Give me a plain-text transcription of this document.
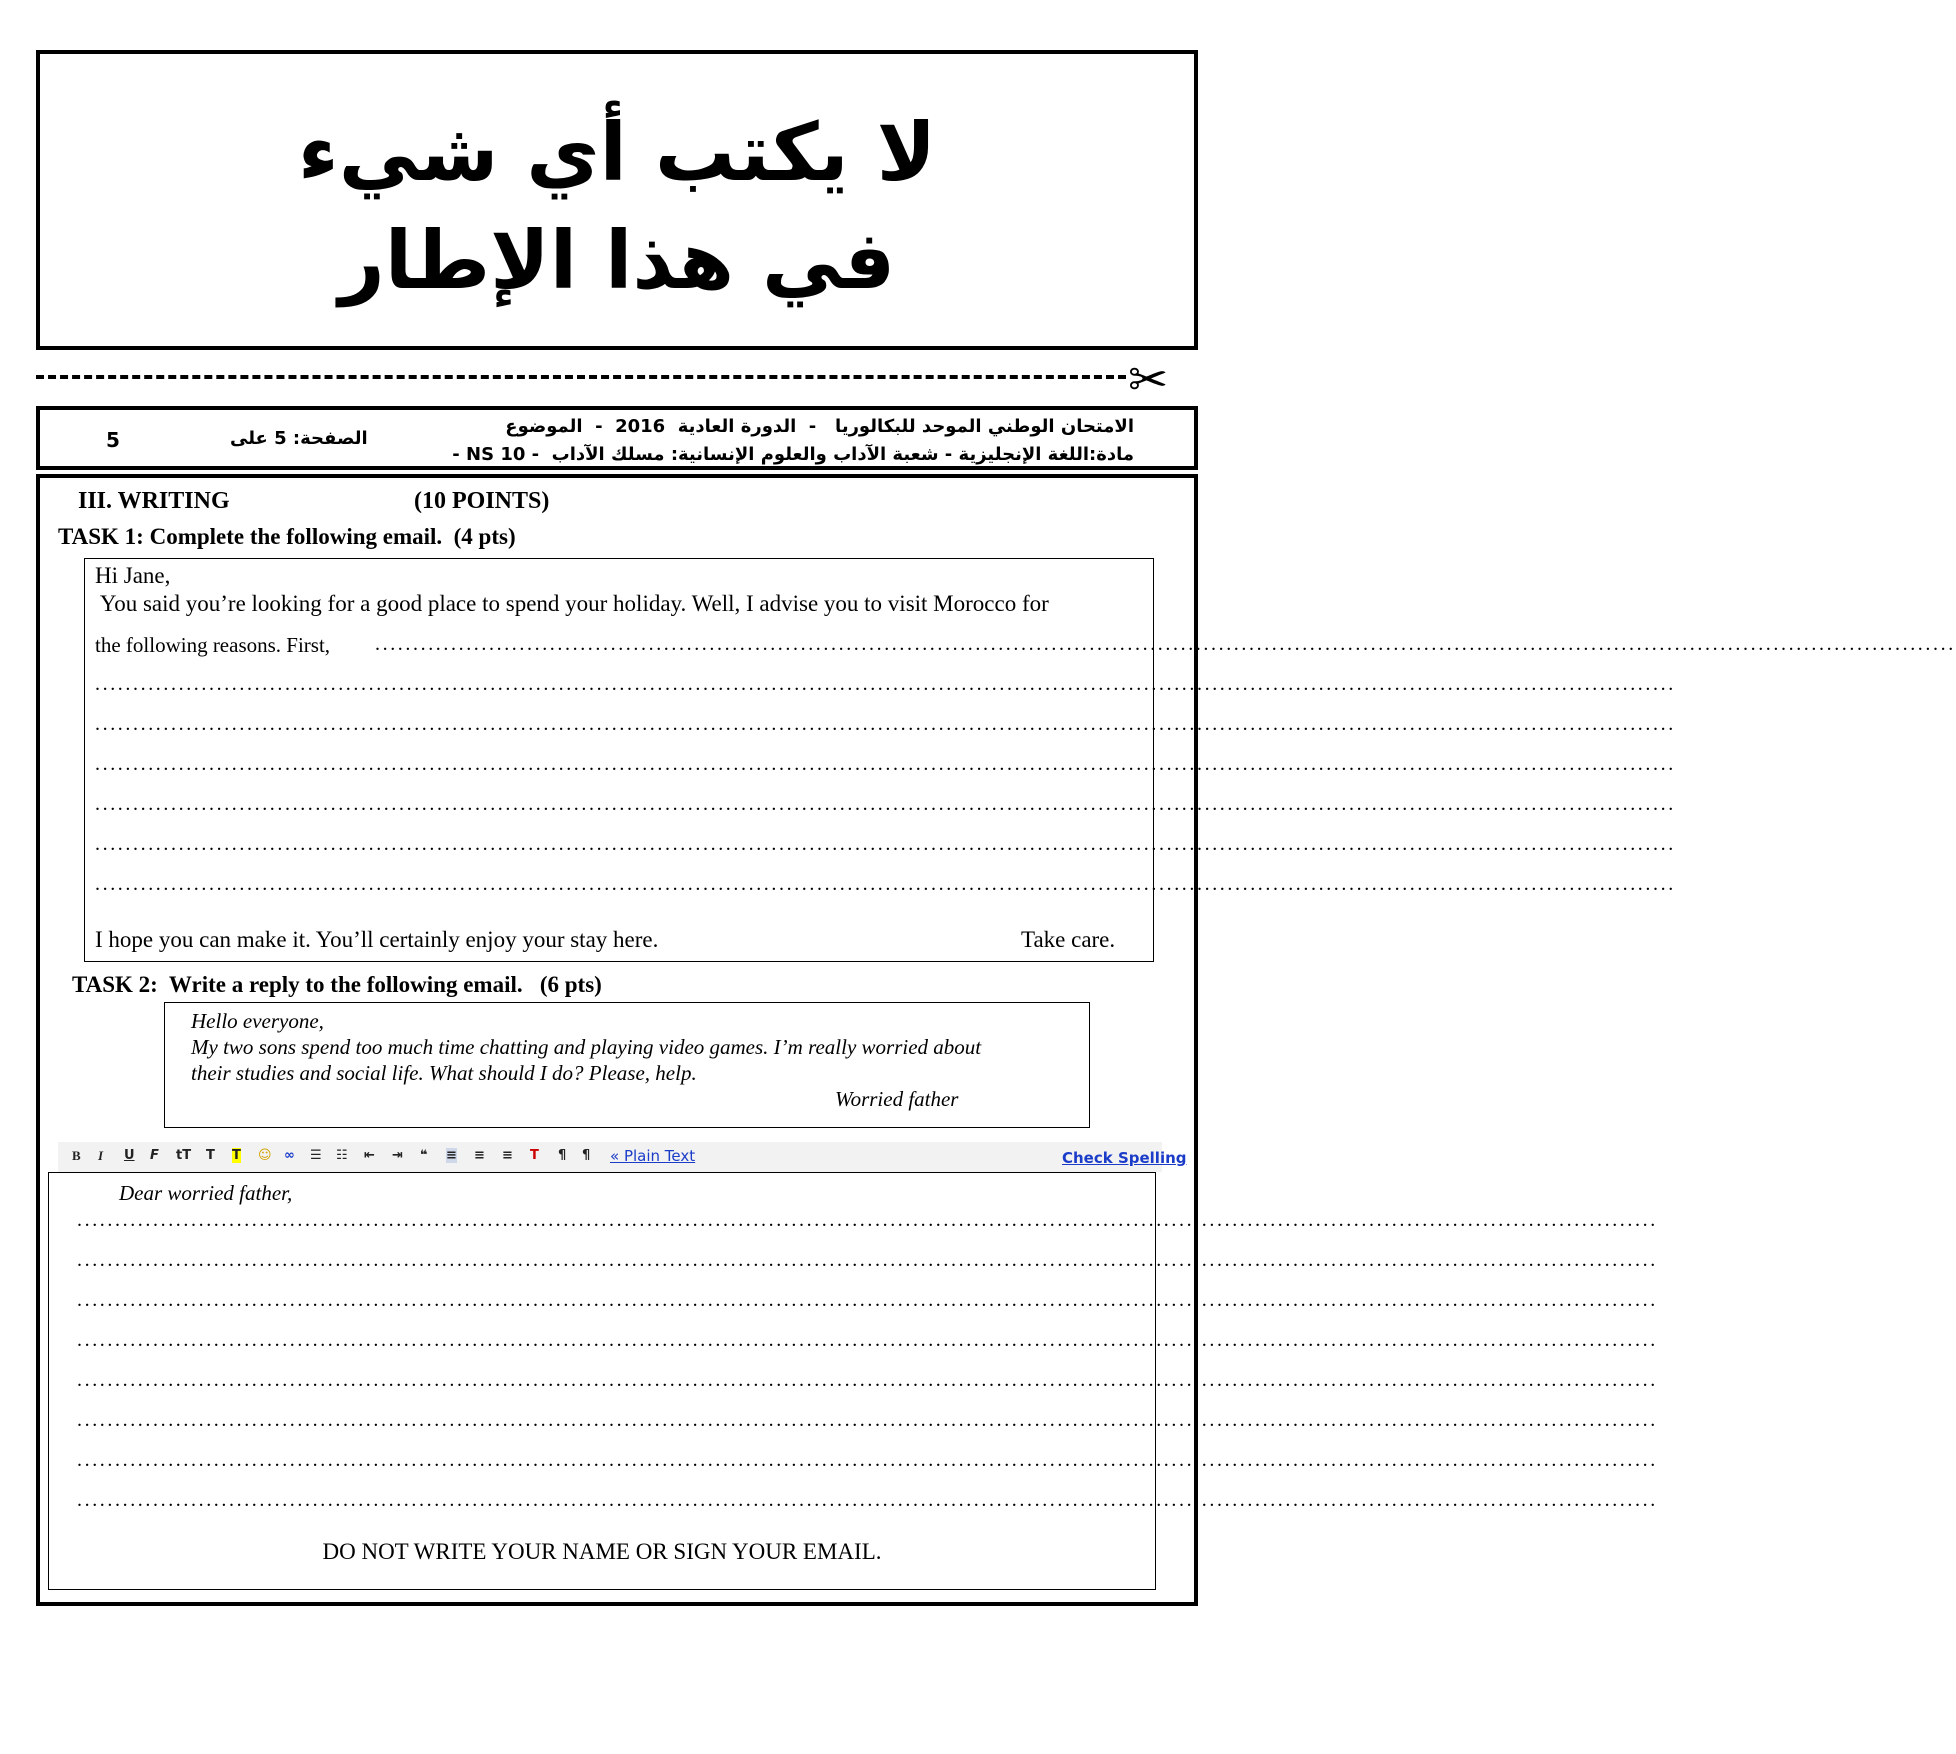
لا يكتب أي شيء
في هذا الإطار
✂
5	الصفحة: 5 على
الامتحان الوطني الموحد للبكالوريا   -  الدورة العادية  2016  -  الموضوع
مادة:اللغة الإنجليزية - شعبة الآداب والعلوم الإنسانية: مسلك الآداب  - NS 10 -
III. WRITING	(10 POINTS)
TASK 1: Complete the following email.  (4 pts)

Hi Jane,

You said you’re looking for a good place to spend your holiday. Well, I advise you to visit Morocco for

the following reasons. First,

................................................................................................................................................................................................................

................................................................................................................................................................................................................

................................................................................................................................................................................................................

................................................................................................................................................................................................................

................................................................................................................................................................................................................

................................................................................................................................................................................................................

................................................................................................................................................................................................................

I hope you can make it. You’ll certainly enjoy your stay here.

	Take care.

TASK 2:  Write a reply to the following email.   (6 pts)

Hello everyone,

My two sons spend too much time chatting and playing video games. I’m really worried about

their studies and social life. What should I do? Please, help.

Worried father

B

I

U

F

tT

T

T

☺

∞

☰

☷

⇤

⇥

❝

≡

≡

≡

T

¶

¶

« Plain Text

	Check Spelling

Dear worried father,

................................................................................................................................................................................................................

................................................................................................................................................................................................................

................................................................................................................................................................................................................

................................................................................................................................................................................................................

................................................................................................................................................................................................................

................................................................................................................................................................................................................

................................................................................................................................................................................................................

................................................................................................................................................................................................................

DO NOT WRITE YOUR NAME OR SIGN YOUR EMAIL.
